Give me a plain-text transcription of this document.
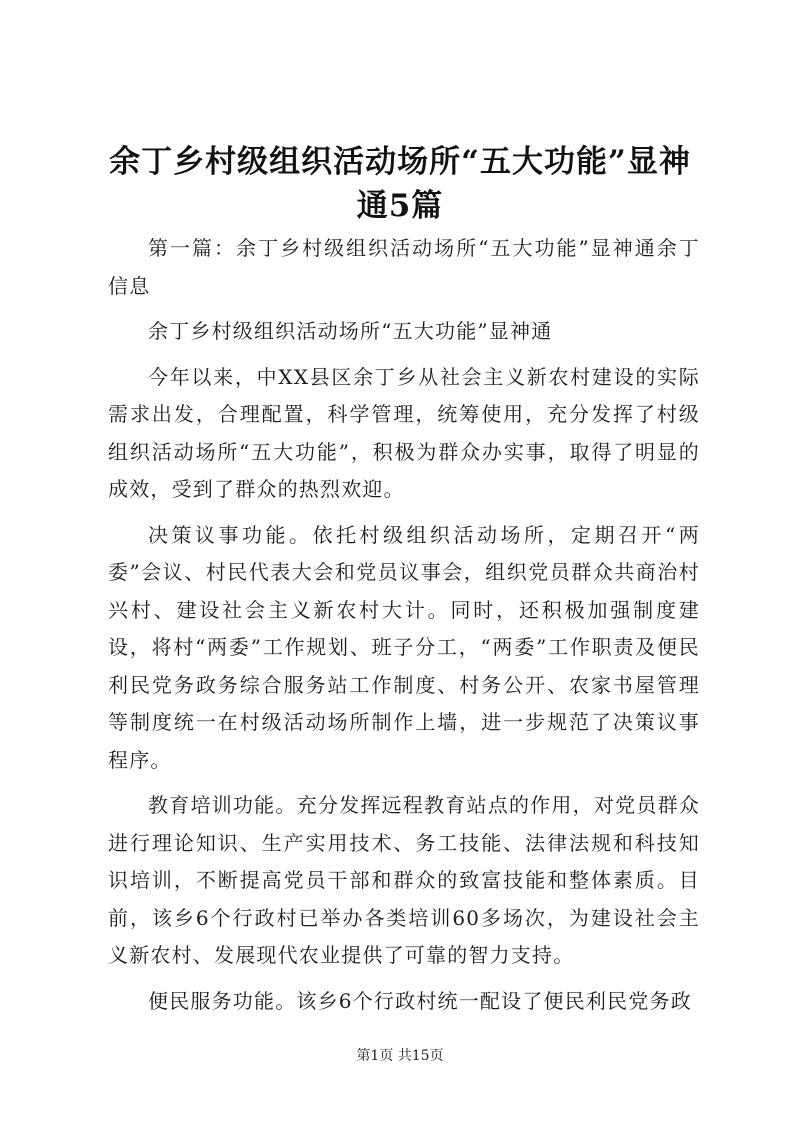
余丁乡村级组织活动场所“五大功能”显神通5篇

第一篇：余丁乡村级组织活动场所“五大功能”显神通余丁信息

余丁乡村级组织活动场所“五大功能”显神通

今年以来，中XX县区余丁乡从社会主义新农村建设的实际需求出发，合理配置，科学管理，统筹使用，充分发挥了村级组织活动场所“五大功能”，积极为群众办实事，取得了明显的成效，受到了群众的热烈欢迎。

决策议事功能。依托村级组织活动场所，定期召开“两委”会议、村民代表大会和党员议事会，组织党员群众共商治村兴村、建设社会主义新农村大计。同时，还积极加强制度建设，将村“两委”工作规划、班子分工，“两委”工作职责及便民利民党务政务综合服务站工作制度、村务公开、农家书屋管理等制度统一在村级活动场所制作上墙，进一步规范了决策议事程序。

教育培训功能。充分发挥远程教育站点的作用，对党员群众进行理论知识、生产实用技术、务工技能、法律法规和科技知识培训，不断提高党员干部和群众的致富技能和整体素质。目前，该乡6个行政村已举办各类培训60多场次，为建设社会主义新农村、发展现代农业提供了可靠的智力支持。

便民服务功能。该乡6个行政村统一配设了便民利民党务政

第1页 共15页
